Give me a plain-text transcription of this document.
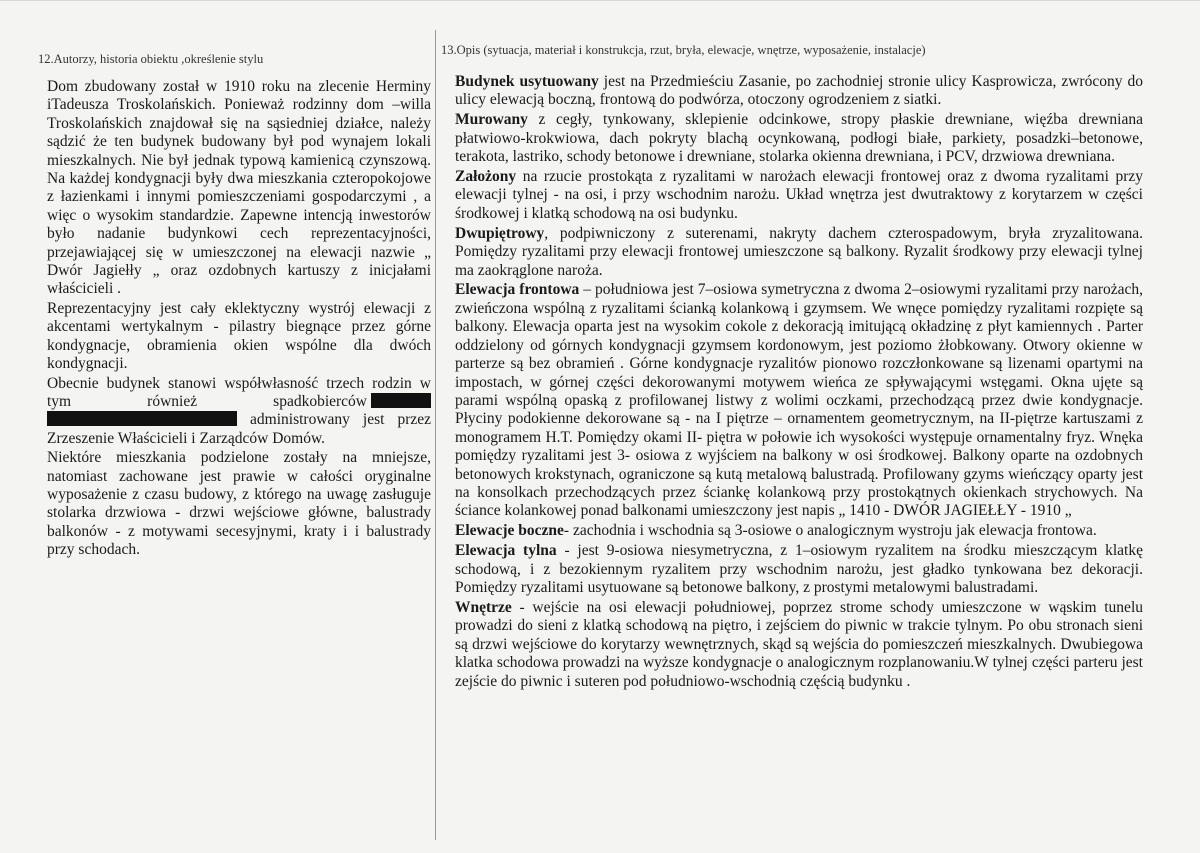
12.Autorzy, historia obiektu ,określenie stylu
13.Opis (sytuacja, materiał i konstrukcja, rzut, bryła, elewacje, wnętrze, wyposażenie, instalacje)

Dom zbudowany został w 1910 roku na zlecenie Herminy iTadeusza Troskolańskich. Ponieważ rodzinny dom –willa Troskolańskich znajdował się na sąsiedniej działce, należy sądzić że ten budynek budowany był pod wynajem lokali mieszkalnych. Nie był jednak typową kamienicą czynszową. Na każdej kondygnacji były dwa mieszkania czteropokojowe z łazienkami i innymi pomieszczeniami gospodarczymi , a więc o wysokim standardzie. Zapewne intencją inwestorów było nadanie budynkowi cech reprezentacyjności, przejawiającej się w umieszczonej na elewacji nazwie „ Dwór Jagiełły „ oraz ozdobnych kartuszy z inicjałami właścicieli .

Reprezentacyjny jest cały eklektyczny wystrój elewacji z akcentami wertykalnym - pilastry biegnące przez górne kondygnacje, obramienia okien wspólne dla dwóch kondygnacji.

Obecnie budynek stanowi współwłasność trzech rodzin w tym również spadkobierców  administrowany jest przez Zrzeszenie Właścicieli i Zarządców Domów.

Niektóre mieszkania podzielone zostały na mniejsze, natomiast zachowane jest prawie w całości oryginalne wyposażenie z czasu budowy, z którego na uwagę zasługuje stolarka drzwiowa - drzwi wejściowe główne, balustrady balkonów - z motywami secesyjnymi, kraty i i balustrady przy schodach.

Budynek usytuowany jest na Przedmieściu Zasanie, po zachodniej stronie ulicy Kasprowicza, zwrócony do ulicy elewacją boczną, frontową do podwórza, otoczony ogrodzeniem z siatki.

Murowany z cegły, tynkowany, sklepienie odcinkowe, stropy płaskie drewniane, więźba drewniana płatwiowo-krokwiowa, dach pokryty blachą ocynkowaną, podłogi białe, parkiety, posadzki–betonowe, terakota, lastriko, schody betonowe i drewniane, stolarka okienna drewniana, i PCV, drzwiowa drewniana.

Założony na rzucie prostokąta z ryzalitami w narożach elewacji frontowej oraz z dwoma ryzalitami przy elewacji tylnej - na osi, i przy wschodnim narożu. Układ wnętrza jest dwutraktowy z korytarzem w części środkowej i klatką schodową na osi budynku.

Dwupiętrowy, podpiwniczony z suterenami, nakryty dachem czterospadowym, bryła zryzalitowana. Pomiędzy ryzalitami przy elewacji frontowej umieszczone są balkony. Ryzalit środkowy przy elewacji tylnej ma zaokrąglone naroża.

Elewacja frontowa – południowa jest 7–osiowa symetryczna z dwoma 2–osiowymi ryzalitami przy narożach, zwieńczona wspólną z ryzalitami ścianką kolankową i gzymsem. We wnęce pomiędzy ryzalitami rozpięte są balkony. Elewacja oparta jest na wysokim cokole z dekoracją imitującą okładzinę z płyt kamiennych . Parter oddzielony od górnych kondygnacji gzymsem kordonowym, jest poziomo żłobkowany. Otwory okienne w parterze są bez obramień . Górne kondygnacje ryzalitów pionowo rozczłonkowane są lizenami opartymi na impostach, w górnej części dekorowanymi motywem wieńca ze spływającymi wstęgami. Okna ujęte są parami wspólną opaską z profilowanej listwy z wolimi oczkami, przechodzącą przez dwie kondygnacje. Płyciny podokienne dekorowane są - na I piętrze – ornamentem geometrycznym, na II-piętrze kartuszami z monogramem H.T. Pomiędzy okami II- piętra w połowie ich wysokości występuje ornamentalny fryz. Wnęka pomiędzy ryzalitami jest 3- osiowa z wyjściem na balkony w osi środkowej. Balkony oparte na ozdobnych betonowych krokstynach, ograniczone są kutą metalową balustradą. Profilowany gzyms wieńczący oparty jest na konsolkach przechodzących przez ściankę kolankową przy prostokątnych okienkach strychowych. Na ściance kolankowej ponad balkonami umieszczony jest napis „ 1410 - DWÓR JAGIEŁŁY - 1910 „

Elewacje boczne- zachodnia i wschodnia są 3-osiowe o analogicznym wystroju jak elewacja frontowa.

Elewacja tylna - jest 9-osiowa niesymetryczna, z 1–osiowym ryzalitem na środku mieszczącym klatkę schodową, i z bezokiennym ryzalitem przy wschodnim narożu, jest gładko tynkowana bez dekoracji. Pomiędzy ryzalitami usytuowane są betonowe balkony, z prostymi metalowymi balustradami.

Wnętrze - wejście na osi elewacji południowej, poprzez strome schody umieszczone w wąskim tunelu prowadzi do sieni z klatką schodową na piętro, i zejściem do piwnic w trakcie tylnym. Po obu stronach sieni są drzwi wejściowe do korytarzy wewnętrznych, skąd są wejścia do pomieszczeń mieszkalnych. Dwubiegowa klatka schodowa prowadzi na wyższe kondygnacje o analogicznym rozplanowaniu.W tylnej części parteru jest zejście do piwnic i suteren pod południowo-wschodnią częścią budynku .
